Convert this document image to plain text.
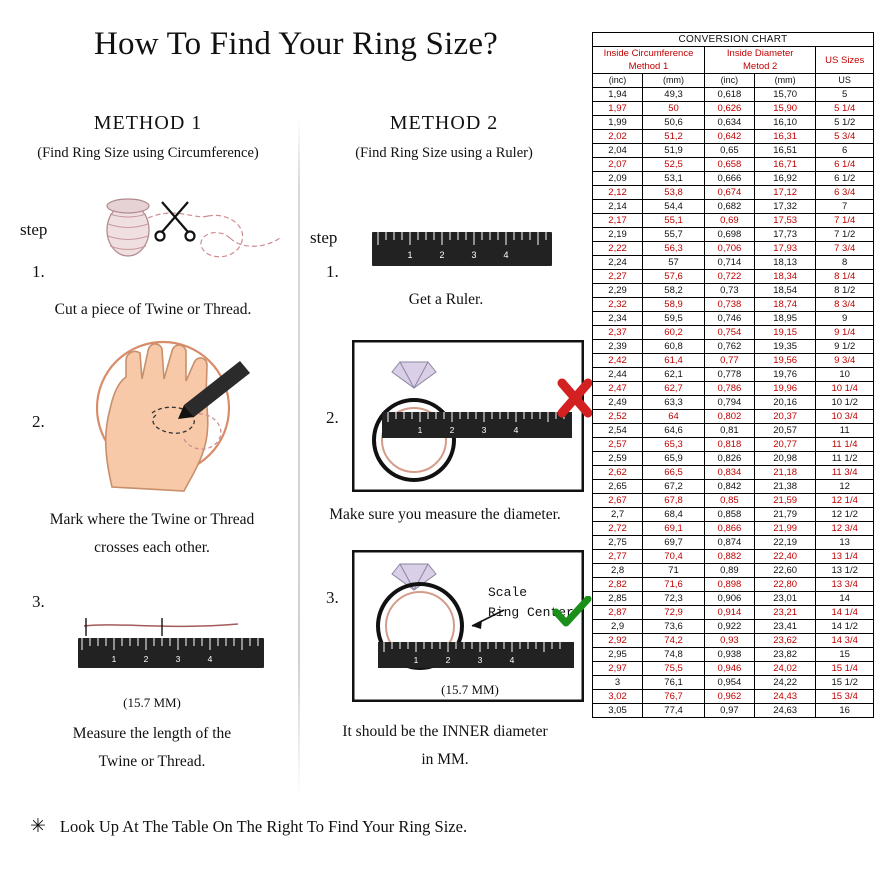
How To Find Your Ring Size?
METHOD 1
(Find Ring Size using Circumference)
step
1.
Cut a piece of Twine or Thread.
2.
Mark where the Twine or Thread
crosses each other.
3.
1	2	3	4
(15.7 MM)
Measure the length of the
Twine or Thread.
METHOD 2
(Find Ring Size using a Ruler)
step
1.
1	2	3	4
Get a Ruler.
2.
1	2	3	4
Make sure you measure the diameter.
3.
1	2	3	4
Scale
Ring Center
(15.7 MM)
It should be the INNER diameter
in MM.
✳ Look Up At The Table On The Right To Find Your Ring Size.
CONVERSION CHART				

Inside Circumference
Method 1

Inside Diameter
Metod 2
	US Sizes
(inc)	(mm)	(inc)	(mm)	US
1,94	49,3	0,618	15,70	5
1,97	50	0,626	15,90	5 1/4
1,99	50,6	0,634	16,10	5 1/2
2,02	51,2	0,642	16,31	5 3/4
2,04	51,9	0,65	16,51	6
2,07	52,5	0,658	16,71	6 1/4
2,09	53,1	0,666	16,92	6 1/2
2,12	53,8	0,674	17,12	6 3/4
2,14	54,4	0,682	17,32	7
2,17	55,1	0,69	17,53	7 1/4
2,19	55,7	0,698	17,73	7 1/2
2,22	56,3	0,706	17,93	7 3/4
2,24	57	0,714	18,13	8
2,27	57,6	0,722	18,34	8 1/4
2,29	58,2	0,73	18,54	8 1/2
2,32	58,9	0,738	18,74	8 3/4
2,34	59,5	0,746	18,95	9
2,37	60,2	0,754	19,15	9 1/4
2,39	60,8	0,762	19,35	9 1/2
2,42	61,4	0,77	19,56	9 3/4
2,44	62,1	0,778	19,76	10
2,47	62,7	0,786	19,96	10 1/4
2,49	63,3	0,794	20,16	10 1/2
2,52	64	0,802	20,37	10 3/4
2,54	64,6	0,81	20,57	11
2,57	65,3	0,818	20,77	11 1/4
2,59	65,9	0,826	20,98	11 1/2
2,62	66,5	0,834	21,18	11 3/4
2,65	67,2	0,842	21,38	12
2,67	67,8	0,85	21,59	12 1/4
2,7	68,4	0,858	21,79	12 1/2
2,72	69,1	0,866	21,99	12 3/4
2,75	69,7	0,874	22,19	13
2,77	70,4	0,882	22,40	13 1/4
2,8	71	0,89	22,60	13 1/2
2,82	71,6	0,898	22,80	13 3/4
2,85	72,3	0,906	23,01	14
2,87	72,9	0,914	23,21	14 1/4
2,9	73,6	0,922	23,41	14 1/2
2,92	74,2	0,93	23,62	14 3/4
2,95	74,8	0,938	23,82	15
2,97	75,5	0,946	24,02	15 1/4
3	76,1	0,954	24,22	15 1/2
3,02	76,7	0,962	24,43	15 3/4
3,05	77,4	0,97	24,63	16
